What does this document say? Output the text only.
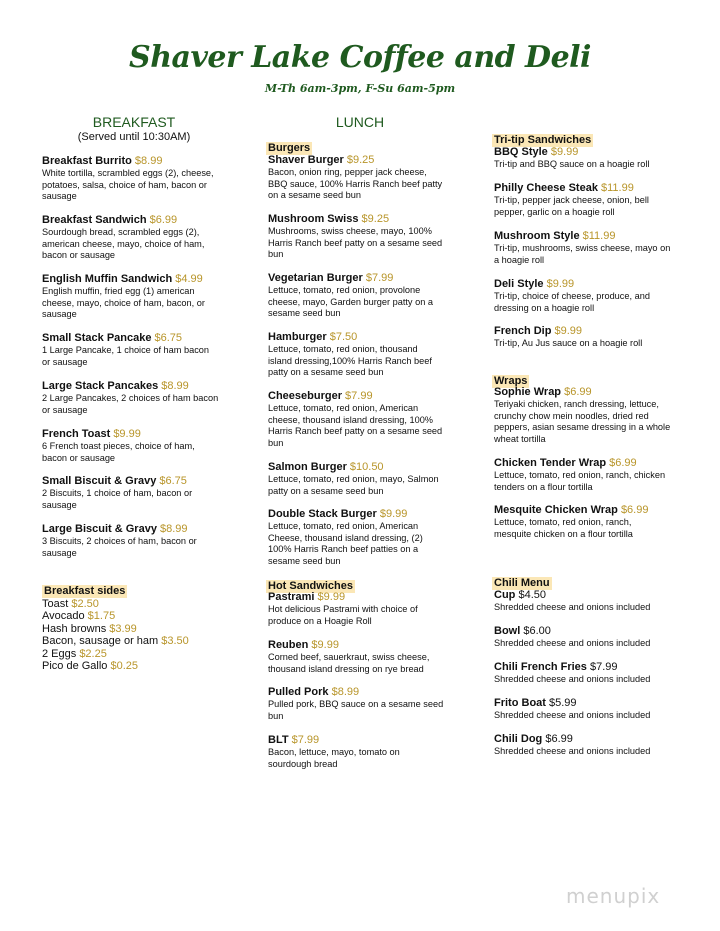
Shaver Lake Coffee and Deli
M-Th 6am-3pm, F-Su 6am-5pm
BREAKFAST
(Served until 10:30AM)
Breakfast Burrito $8.99
White tortilla, scrambled eggs (2), cheese,
potatoes, salsa, choice of ham, bacon or
sausage
Breakfast Sandwich $6.99
Sourdough bread, scrambled eggs (2),
american cheese, mayo, choice of ham,
bacon or sausage
English Muffin Sandwich $4.99
English muffin, fried egg (1) american
cheese, mayo, choice of ham, bacon, or
sausage
Small Stack Pancake $6.75
1 Large Pancake, 1 choice of ham bacon
or sausage
Large Stack Pancakes $8.99
2 Large Pancakes, 2 choices of ham bacon
or sausage
French Toast $9.99
6 French toast pieces, choice of ham,
bacon or sausage
Small Biscuit & Gravy $6.75
2 Biscuits, 1 choice of ham, bacon or
sausage
Large Biscuit & Gravy $8.99
3 Biscuits, 2 choices of ham, bacon or
sausage
Breakfast sides
Toast $2.50
Avocado $1.75
Hash browns $3.99
Bacon, sausage or ham $3.50
2 Eggs $2.25
Pico de Gallo $0.25
LUNCH
Burgers
Shaver Burger $9.25
Bacon, onion ring, pepper jack cheese,
BBQ sauce, 100% Harris Ranch beef patty
on a sesame seed bun
Mushroom Swiss $9.25
Mushrooms, swiss cheese, mayo, 100%
Harris Ranch beef patty on a sesame seed
bun
Vegetarian Burger $7.99
Lettuce, tomato, red onion, provolone
cheese, mayo, Garden burger patty on a
sesame seed bun
Hamburger $7.50
Lettuce, tomato, red onion, thousand
island dressing,100% Harris Ranch beef
patty on a sesame seed bun
Cheeseburger $7.99
Lettuce, tomato, red onion, American
cheese, thousand island dressing, 100%
Harris Ranch beef patty on a sesame seed
bun
Salmon Burger $10.50
Lettuce, tomato, red onion, mayo, Salmon
patty on a sesame seed bun
Double Stack Burger $9.99
Lettuce, tomato, red onion, American
Cheese, thousand island dressing, (2)
100% Harris Ranch beef patties on a
sesame seed bun
Hot Sandwiches
Pastrami $9.99
Hot delicious Pastrami with choice of
produce on a Hoagie Roll
Reuben $9.99
Corned beef, sauerkraut, swiss cheese,
thousand island dressing on rye bread
Pulled Pork $8.99
Pulled pork, BBQ sauce on a sesame seed
bun
BLT $7.99
Bacon, lettuce, mayo, tomato on
sourdough bread
Tri-tip Sandwiches
BBQ Style $9.99
Tri-tip and BBQ sauce on a hoagie roll
Philly Cheese Steak $11.99
Tri-tip, pepper jack cheese, onion, bell
pepper, garlic on a hoagie roll
Mushroom Style $11.99
Tri-tip, mushrooms, swiss cheese, mayo on
a hoagie roll
Deli Style $9.99
Tri-tip, choice of cheese, produce, and
dressing on a hoagie roll
French Dip $9.99
Tri-tip, Au Jus sauce on a hoagie roll
Wraps
Sophie Wrap $6.99
Teriyaki chicken, ranch dressing, lettuce,
crunchy chow mein noodles, dried red
peppers, asian sesame dressing in a whole
wheat tortilla
Chicken Tender Wrap $6.99
Lettuce, tomato, red onion, ranch, chicken
tenders on a flour tortilla
Mesquite Chicken Wrap $6.99
Lettuce, tomato, red onion, ranch,
mesquite chicken on a flour tortilla
Chili Menu
Cup $4.50
Shredded cheese and onions included
Bowl $6.00
Shredded cheese and onions included
Chili French Fries $7.99
Shredded cheese and onions included
Frito Boat $5.99
Shredded cheese and onions included
Chili Dog $6.99
Shredded cheese and onions included
menupix
